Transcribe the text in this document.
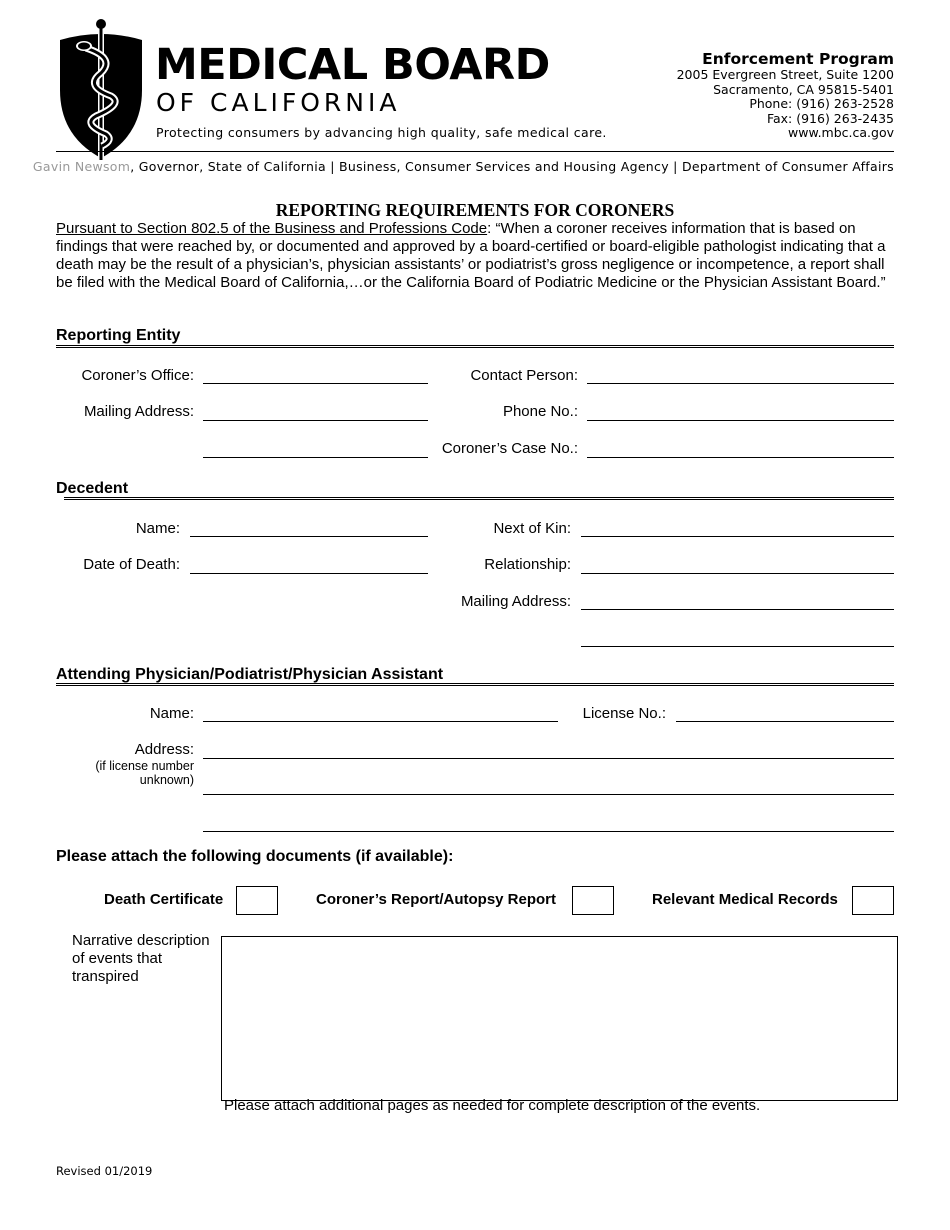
MEDICAL BOARD
OF CALIFORNIA
Protecting consumers by advancing high quality, safe medical care.
Enforcement Program
2005 Evergreen Street, Suite 1200
Sacramento, CA 95815-5401
Phone: (916) 263-2528
Fax: (916) 263-2435
www.mbc.ca.gov
Gavin Newsom, Governor, State of California | Business, Consumer Services and Housing Agency | Department of Consumer Affairs
REPORTING REQUIREMENTS FOR CORONERS
Pursuant to Section 802.5 of the Business and Professions Code: “When a coroner receives information that is based on findings that were reached by, or documented and approved by a board-certified or board-eligible pathologist indicating that a death may be the result of a physician’s, physician assistants’ or podiatrist’s gross negligence or incompetence, a report shall be filed with the Medical Board of California,…or the California Board of Podiatric Medicine or the Physician Assistant Board.”
Reporting Entity
Coroner’s Office:	Contact Person:
Mailing Address:	Phone No.:
Coroner’s Case No.:
Decedent
Name:	Next of Kin:
Date of Death:	Relationship:
Mailing Address:
Attending Physician/Podiatrist/Physician Assistant
Name:	License No.:
Address:
(if license number
unknown)
Please attach the following documents (if available):
Death Certificate	Coroner’s Report/Autopsy Report	Relevant Medical Records
Narrative description of events that transpired
Please attach additional pages as needed for complete description of the events.
Revised 01/2019
